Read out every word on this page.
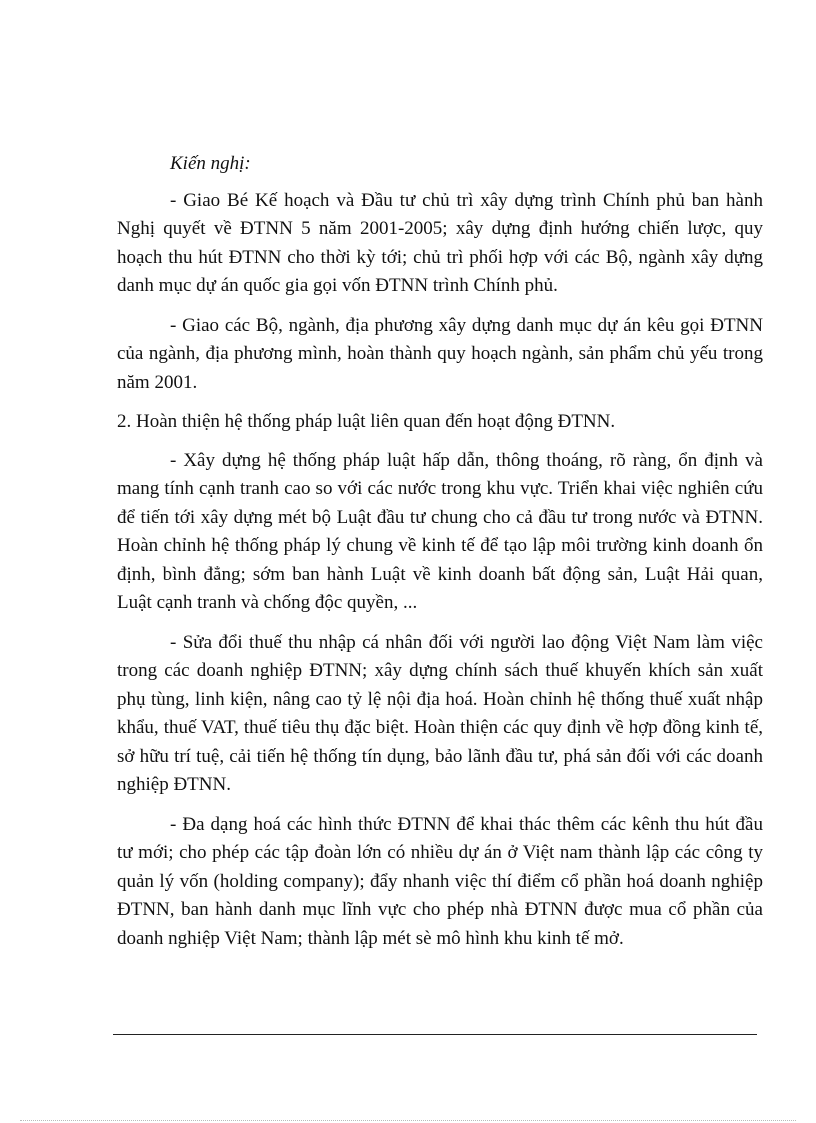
Kiến nghị:

- Giao Bé Kế hoạch và Đầu tư chủ trì xây dựng trình Chính phủ ban hành Nghị quyết về ĐTNN 5 năm 2001-2005; xây dựng định hướng chiến lược, quy hoạch thu hút ĐTNN cho thời kỳ tới; chủ trì phối hợp với các Bộ, ngành xây dựng danh mục dự án quốc gia gọi vốn ĐTNN trình Chính phủ.

- Giao các Bộ, ngành, địa phương xây dựng danh mục dự án kêu gọi ĐTNN của ngành, địa phương mình, hoàn thành quy hoạch ngành, sản phẩm chủ yếu trong năm 2001.

2. Hoàn thiện hệ thống pháp luật liên quan đến hoạt động ĐTNN.

- Xây dựng hệ thống pháp luật hấp dẫn, thông thoáng, rõ ràng, ổn định và mang tính cạnh tranh cao so với các nước trong khu vực. Triển khai việc nghiên cứu để tiến tới xây dựng mét bộ Luật đầu tư chung cho cả đầu tư trong nước và ĐTNN. Hoàn chỉnh hệ thống pháp lý chung về kinh tế để tạo lập môi trường kinh doanh ổn định, bình đẳng; sớm ban hành Luật về kinh doanh bất động sản, Luật Hải quan, Luật cạnh tranh và chống độc quyền, ...

- Sửa đổi thuế thu nhập cá nhân đối với người lao động Việt Nam làm việc trong các doanh nghiệp ĐTNN; xây dựng chính sách thuế khuyến khích sản xuất phụ tùng, linh kiện, nâng cao tỷ lệ nội địa hoá. Hoàn chỉnh hệ thống thuế xuất nhập khẩu, thuế VAT, thuế tiêu thụ đặc biệt. Hoàn thiện các quy định về hợp đồng kinh tế, sở hữu trí tuệ, cải tiến hệ thống tín dụng, bảo lãnh đầu tư, phá sản đối với các doanh nghiệp ĐTNN.

- Đa dạng hoá các hình thức ĐTNN để khai thác thêm các kênh thu hút đầu tư mới; cho phép các tập đoàn lớn có nhiều dự án ở Việt nam thành lập các công ty quản lý vốn (holding company); đẩy nhanh việc thí điểm cổ phần hoá doanh nghiệp ĐTNN, ban hành danh mục lĩnh vực cho phép nhà ĐTNN được mua cổ phần của doanh nghiệp Việt Nam; thành lập mét sè mô hình khu kinh tế mở.
